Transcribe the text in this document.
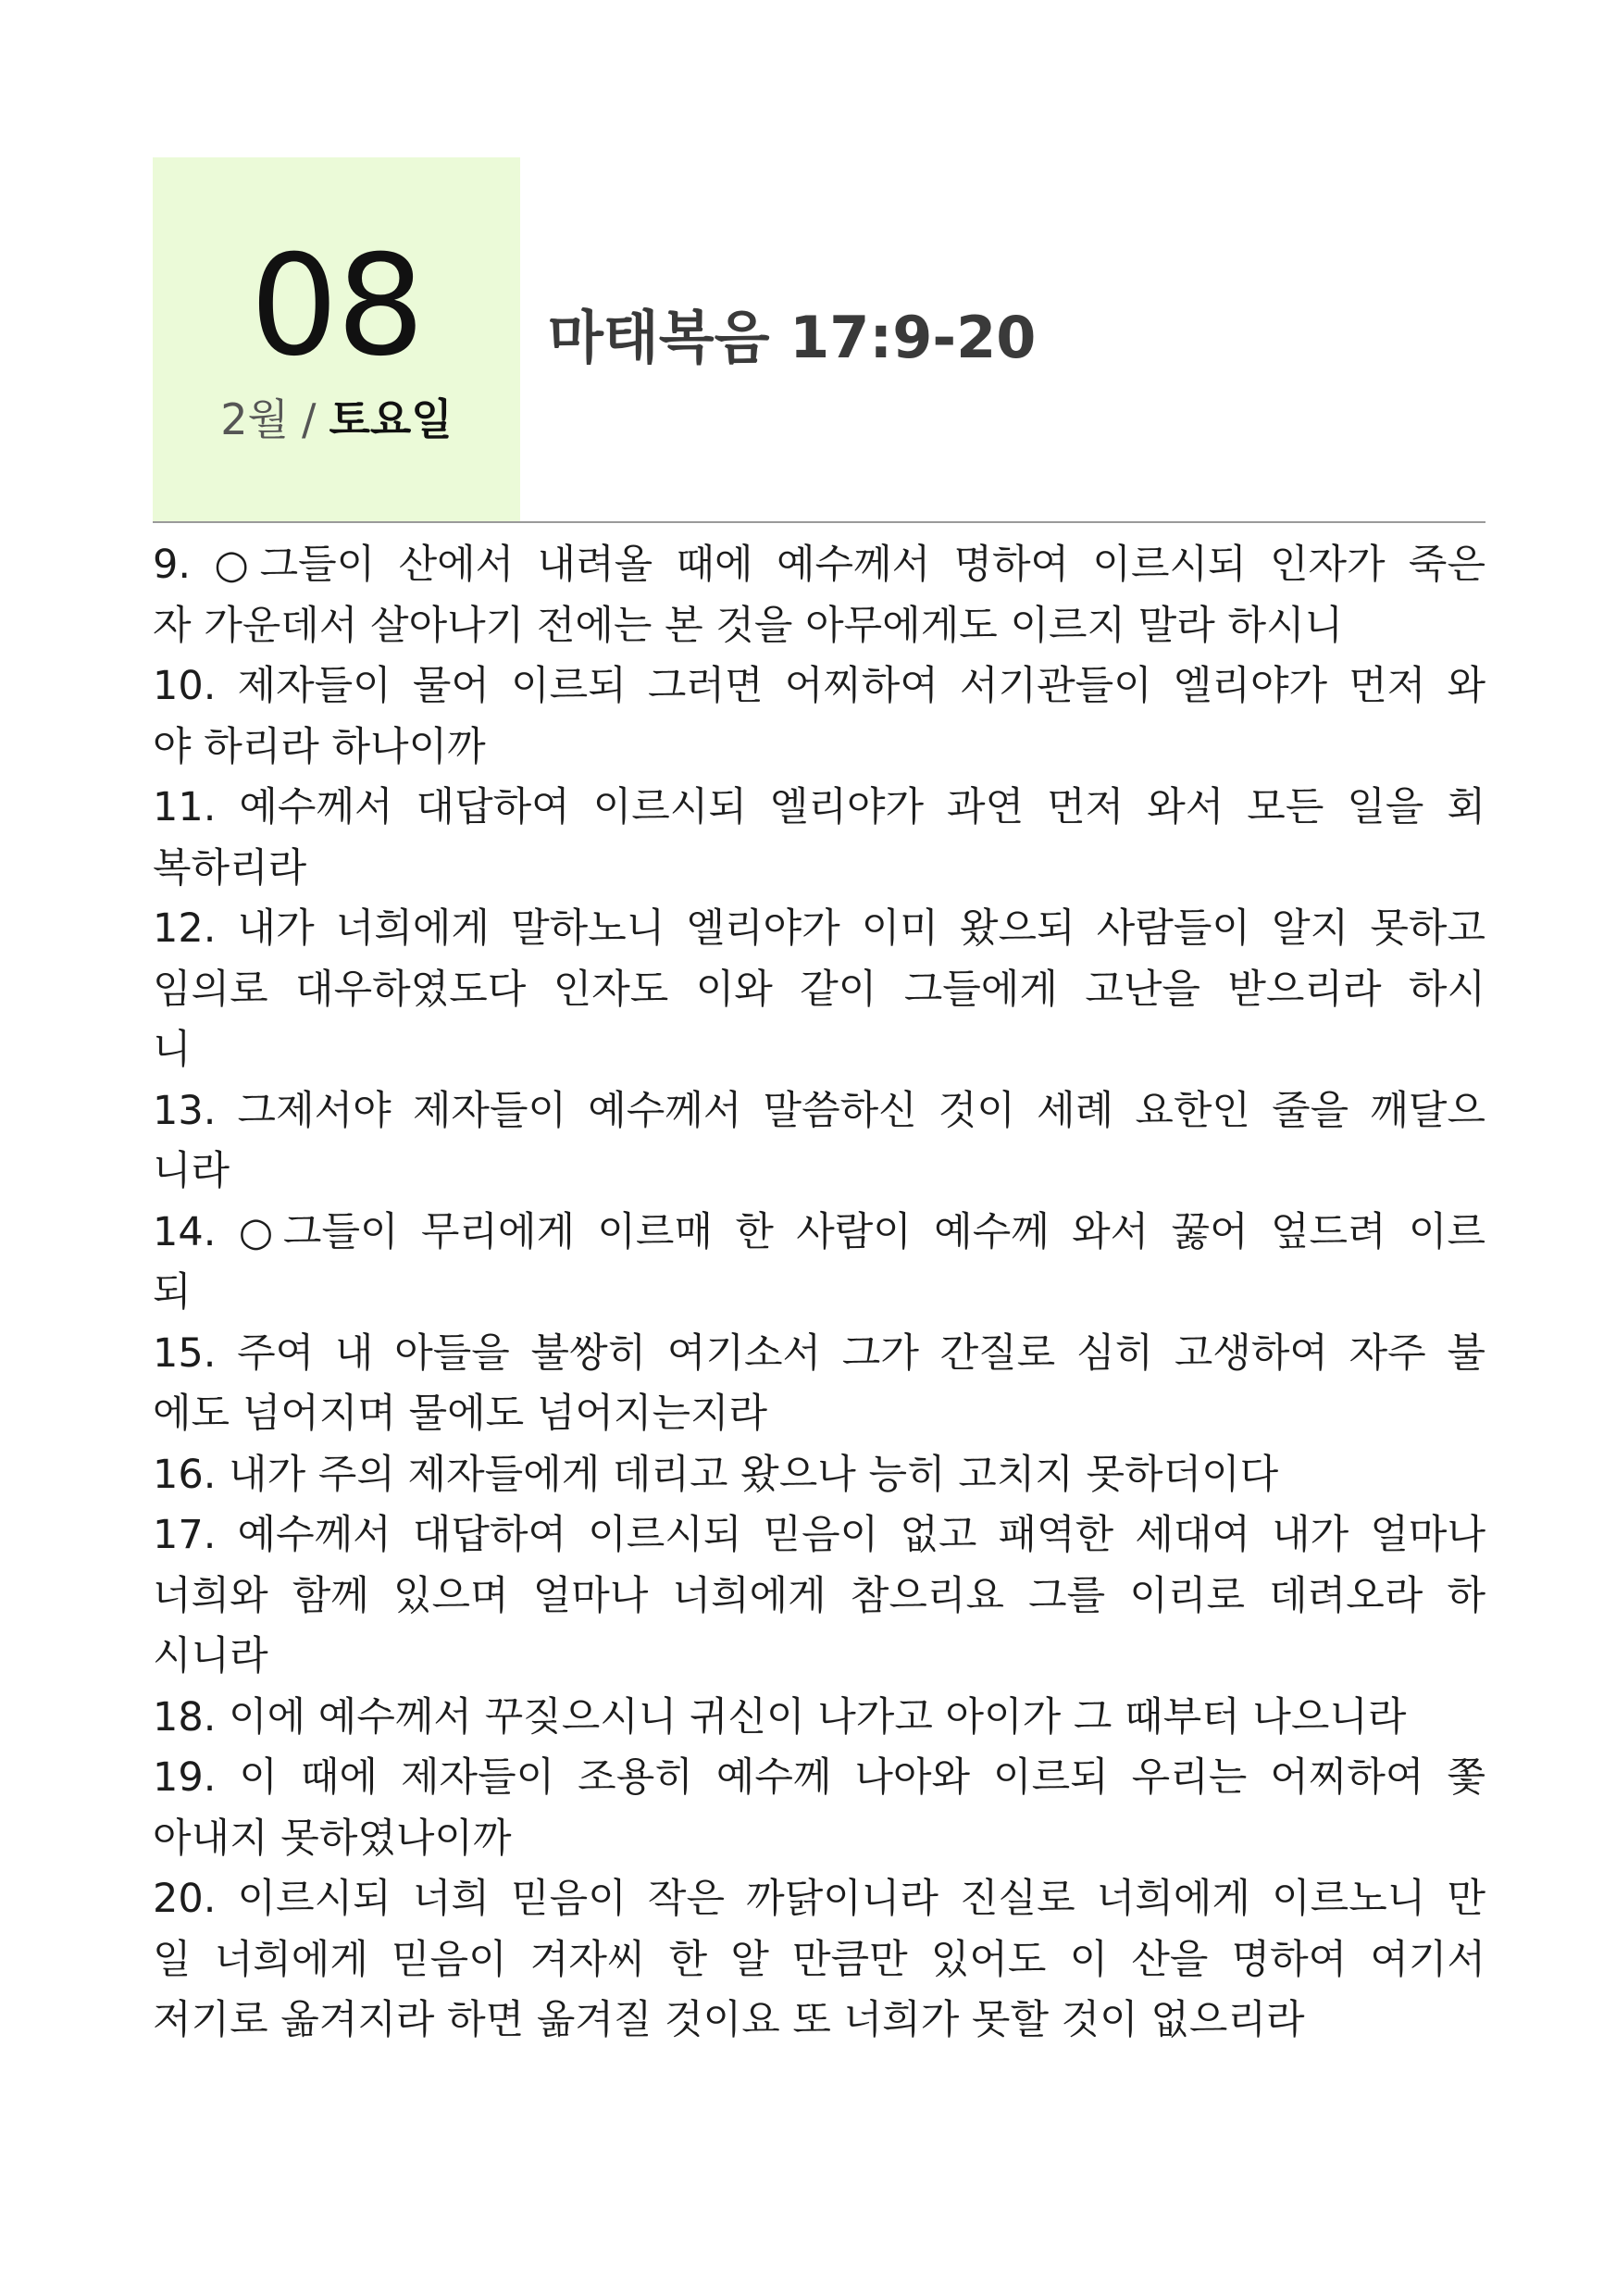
08
2월 / 토요일
마태복음 17:9-20
9. ○그들이 산에서 내려올 때에 예수께서 명하여 이르시되 인자가 죽은
자 가운데서 살아나기 전에는 본 것을 아무에게도 이르지 말라 하시니
10. 제자들이 물어 이르되 그러면 어찌하여 서기관들이 엘리야가 먼저 와
야 하리라 하나이까
11. 예수께서 대답하여 이르시되 엘리야가 과연 먼저 와서 모든 일을 회
복하리라
12. 내가 너희에게 말하노니 엘리야가 이미 왔으되 사람들이 알지 못하고
임의로 대우하였도다 인자도 이와 같이 그들에게 고난을 받으리라 하시
니
13. 그제서야 제자들이 예수께서 말씀하신 것이 세례 요한인 줄을 깨달으
니라
14. ○그들이 무리에게 이르매 한 사람이 예수께 와서 꿇어 엎드려 이르
되
15. 주여 내 아들을 불쌍히 여기소서 그가 간질로 심히 고생하여 자주 불
에도 넘어지며 물에도 넘어지는지라
16. 내가 주의 제자들에게 데리고 왔으나 능히 고치지 못하더이다
17. 예수께서 대답하여 이르시되 믿음이 없고 패역한 세대여 내가 얼마나
너희와 함께 있으며 얼마나 너희에게 참으리요 그를 이리로 데려오라 하
시니라
18. 이에 예수께서 꾸짖으시니 귀신이 나가고 아이가 그 때부터 나으니라
19. 이 때에 제자들이 조용히 예수께 나아와 이르되 우리는 어찌하여 쫓
아내지 못하였나이까
20. 이르시되 너희 믿음이 작은 까닭이니라 진실로 너희에게 이르노니 만
일 너희에게 믿음이 겨자씨 한 알 만큼만 있어도 이 산을 명하여 여기서
저기로 옮겨지라 하면 옮겨질 것이요 또 너희가 못할 것이 없으리라
